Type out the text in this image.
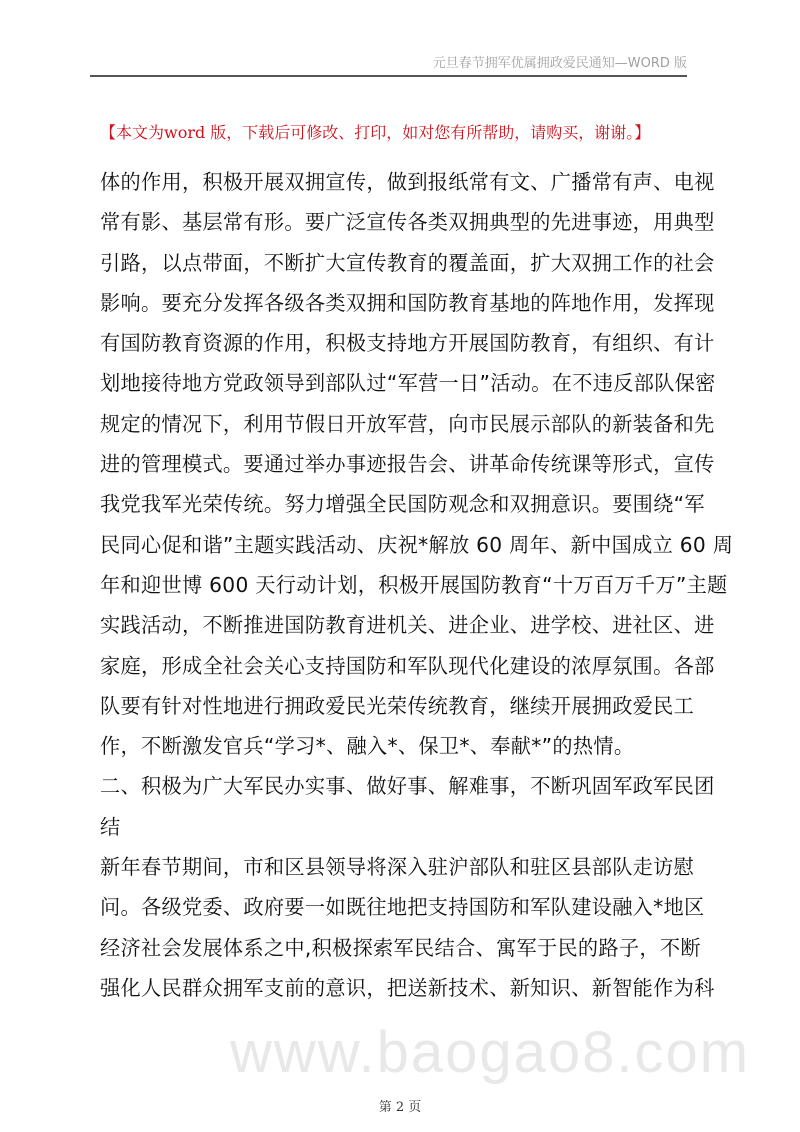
元旦春节拥军优属拥政爱民通知—WORD 版
【本文为word 版，下载后可修改、打印，如对您有所帮助，请购买，谢谢。】
体的作用，积极开展双拥宣传，做到报纸常有文、广播常有声、电视
常有影、基层常有形。要广泛宣传各类双拥典型的先进事迹，用典型
引路，以点带面，不断扩大宣传教育的覆盖面，扩大双拥工作的社会
影响。要充分发挥各级各类双拥和国防教育基地的阵地作用，发挥现
有国防教育资源的作用，积极支持地方开展国防教育，有组织、有计
划地接待地方党政领导到部队过“军营一日”活动。在不违反部队保密
规定的情况下，利用节假日开放军营，向市民展示部队的新装备和先
进的管理模式。要通过举办事迹报告会、讲革命传统课等形式，宣传
我党我军光荣传统。努力增强全民国防观念和双拥意识。要围绕“军
民同心促和谐”主题实践活动、庆祝*解放 60 周年、新中国成立 60 周
年和迎世博 600 天行动计划，积极开展国防教育“十万百万千万”主题
实践活动，不断推进国防教育进机关、进企业、进学校、进社区、进
家庭，形成全社会关心支持国防和军队现代化建设的浓厚氛围。各部
队要有针对性地进行拥政爱民光荣传统教育，继续开展拥政爱民工
作，不断激发官兵“学习*、融入*、保卫*、奉献*”的热情。
二、积极为广大军民办实事、做好事、解难事，不断巩固军政军民团
结
新年春节期间，市和区县领导将深入驻沪部队和驻区县部队走访慰
问。各级党委、政府要一如既往地把支持国防和军队建设融入*地区
经济社会发展体系之中,积极探索军民结合、寓军于民的路子，不断
强化人民群众拥军支前的意识，把送新技术、新知识、新智能作为科
www.baogao8.com
第 2 页
